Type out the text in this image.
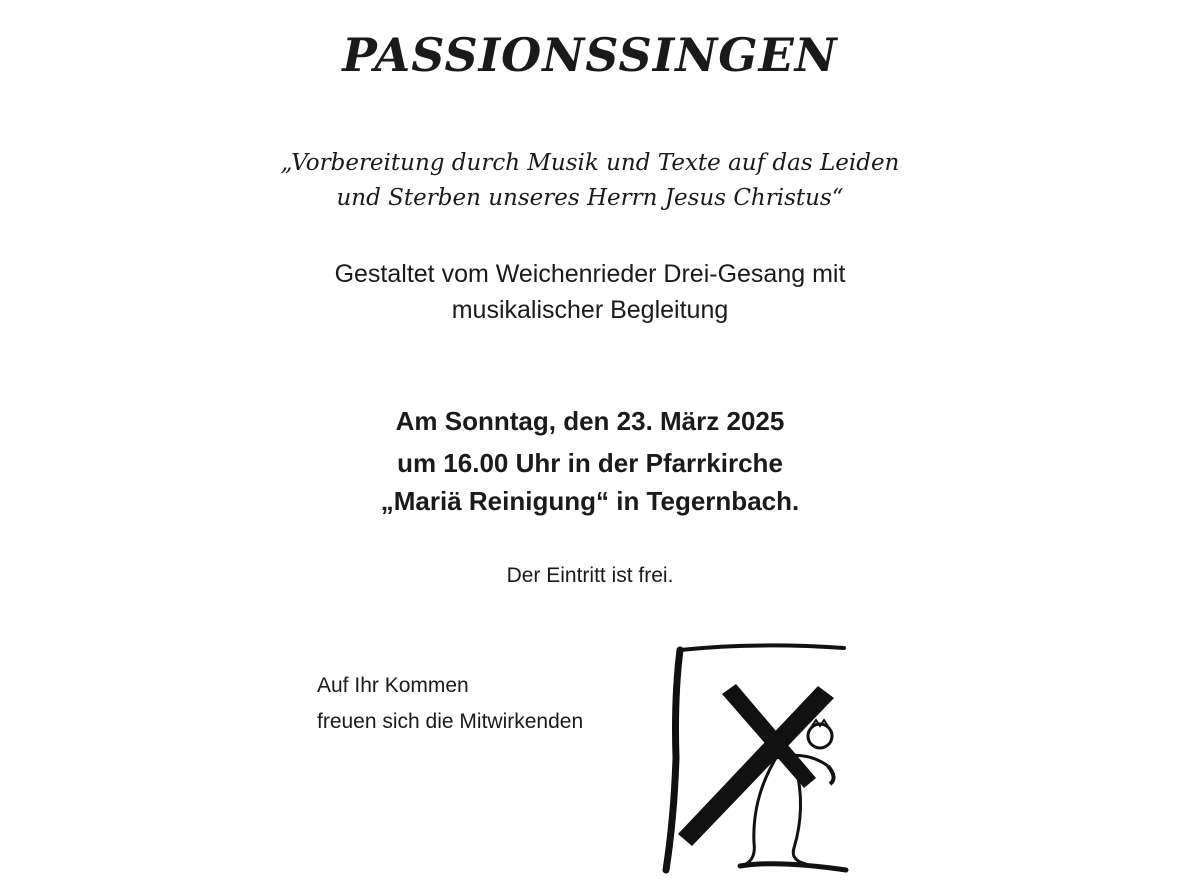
PASSIONSSINGEN
„Vorbereitung durch Musik und Texte auf das Leiden
und Sterben unseres Herrn Jesus Christus“
Gestaltet vom Weichenrieder Drei-Gesang mit
musikalischer Begleitung
Am Sonntag, den 23. März 2025
um 16.00 Uhr in der Pfarrkirche
„Mariä Reinigung“ in Tegernbach.
Der Eintritt ist frei.
Auf Ihr Kommen
freuen sich die Mitwirkenden
